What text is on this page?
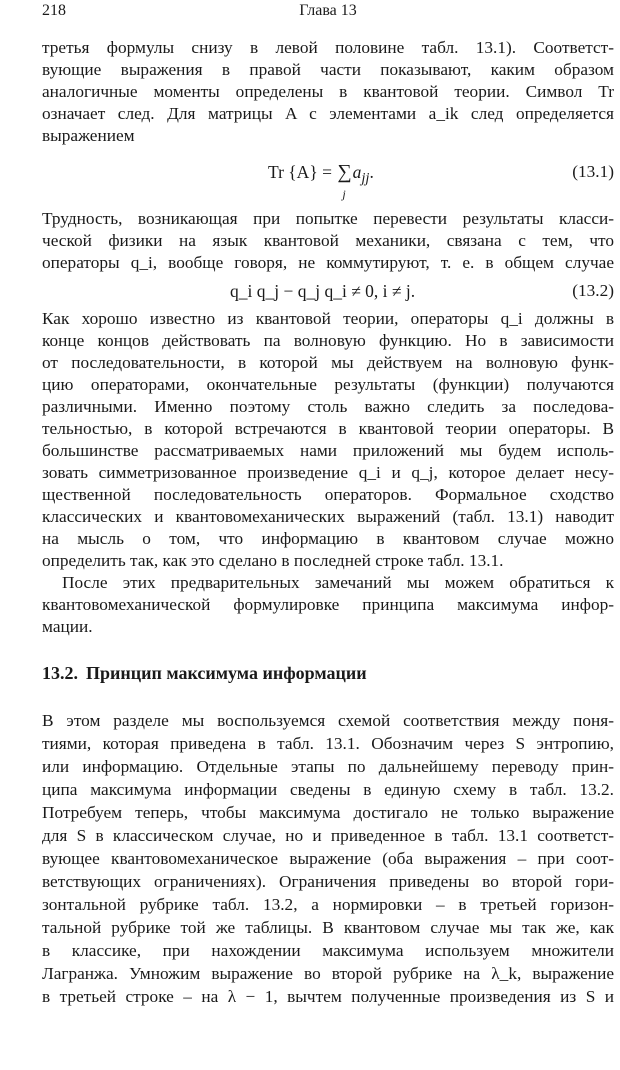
218	Глава 13
третья формулы снизу в левой половине табл. 13.1). Соответст-
вующие выражения в правой части показывают, каким образом
аналогичные моменты определены в квантовой теории. Символ Tr
означает след. Для матрицы A с элементами a_ik след определяется
выражением
Tr {A} = ∑
j
$a_{jj}$.	(13.1)
Трудность, возникающая при попытке перевести результаты класси-
ческой физики на язык квантовой механики, связана с тем, что
операторы q_i, вообще говоря, не коммутируют, т. е. в общем случае
q_i q_j − q_j q_i ≠ 0, i ≠ j.	(13.2)
Как хорошо известно из квантовой теории, операторы q_i должны в
конце концов действовать па волновую функцию. Но в зависимости
от последовательности, в которой мы действуем на волновую функ-
цию операторами, окончательные результаты (функции) получаются
различными. Именно поэтому столь важно следить за последова-
тельностью, в которой встречаются в квантовой теории операторы. В
большинстве рассматриваемых нами приложений мы будем исполь-
зовать симметризованное произведение q_i и q_j, которое делает несу-
щественной последовательность операторов. Формальное сходство
классических и квантовомеханических выражений (табл. 13.1) наводит
на мысль о том, что информацию в квантовом случае можно
определить так, как это сделано в последней строке табл. 13.1.
После этих предварительных замечаний мы можем обратиться к
квантовомеханической формулировке принципа максимума инфор-
мации.
13.2. Принцип максимума информации
В этом разделе мы воспользуемся схемой соответствия между поня-
тиями, которая приведена в табл. 13.1. Обозначим через S энтропию,
или информацию. Отдельные этапы по дальнейшему переводу прин-
ципа максимума информации сведены в единую схему в табл. 13.2.
Потребуем теперь, чтобы максимума достигало не только выражение
для S в классическом случае, но и приведенное в табл. 13.1 соответст-
вующее квантовомеханическое выражение (оба выражения – при соот-
ветствующих ограничениях). Ограничения приведены во второй гори-
зонтальной рубрике табл. 13.2, а нормировки – в третьей горизон-
тальной рубрике той же таблицы. В квантовом случае мы так же, как
в классике, при нахождении максимума используем множители
Лагранжа. Умножим выражение во второй рубрике на λ_k, выражение
в третьей строке – на λ − 1, вычтем полученные произведения из S и
